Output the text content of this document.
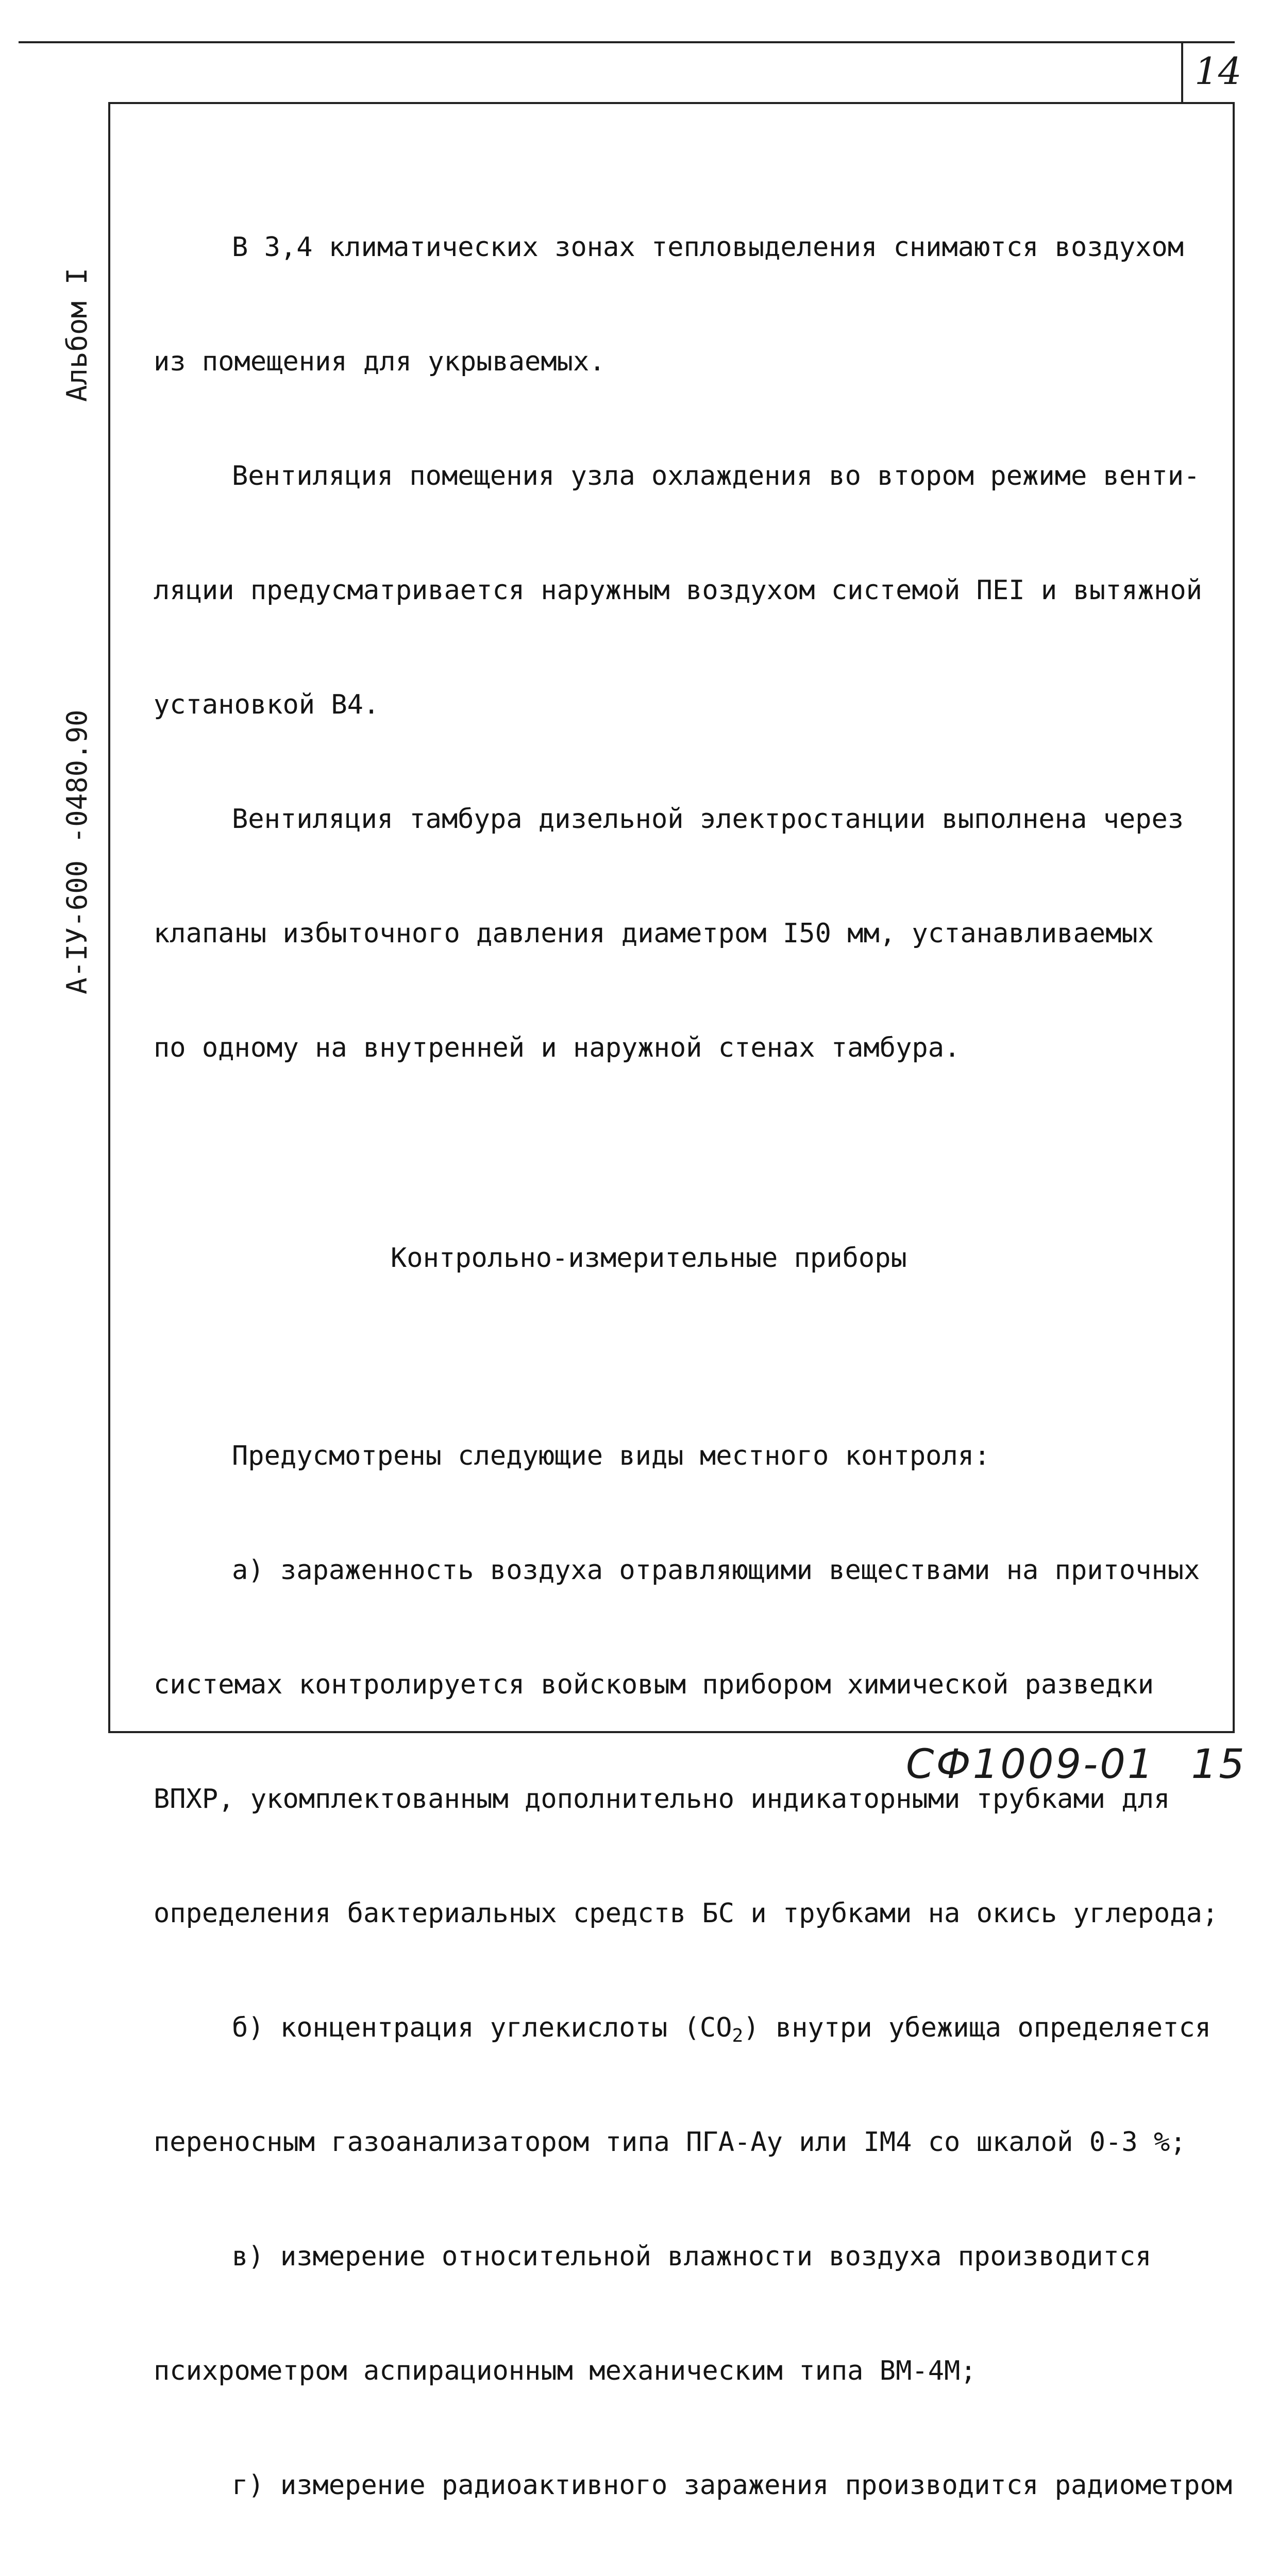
14
Альбом I
А-IУ-600 -0480.90

В 3,4 климатических зонах тепловыделения снимаются воздухом

из помещения для укрываемых.

Вентиляция помещения узла охлаждения во втором режиме венти-

ляции предусматривается наружным воздухом системой ПЕI и вытяжной

установкой В4.

Вентиляция тамбура дизельной электростанции выполнена через

клапаны избыточного давления диаметром I50 мм, устанавливаемых

по одному на внутренней и наружной стенах тамбура.

Контрольно-измерительные приборы

Предусмотрены следующие виды местного контроля:

а) зараженность воздуха отравляющими веществами на приточных

системах контролируется войсковым прибором химической разведки

ВПХР, укомплектованным дополнительно индикаторными трубками для

определения бактериальных средств БС и трубками на окись углерода;

б) концентрация углекислоты $(СО_2)$ внутри убежища определяется

переносным газоанализатором типа ПГА-Ау или IМ4 со шкалой 0-3 %;

в) измерение относительной влажности воздуха производится

психрометром аспирационным механическим типа ВМ-4М;

г) измерение радиоактивного заражения производится радиометром

СФ1009-01 15
